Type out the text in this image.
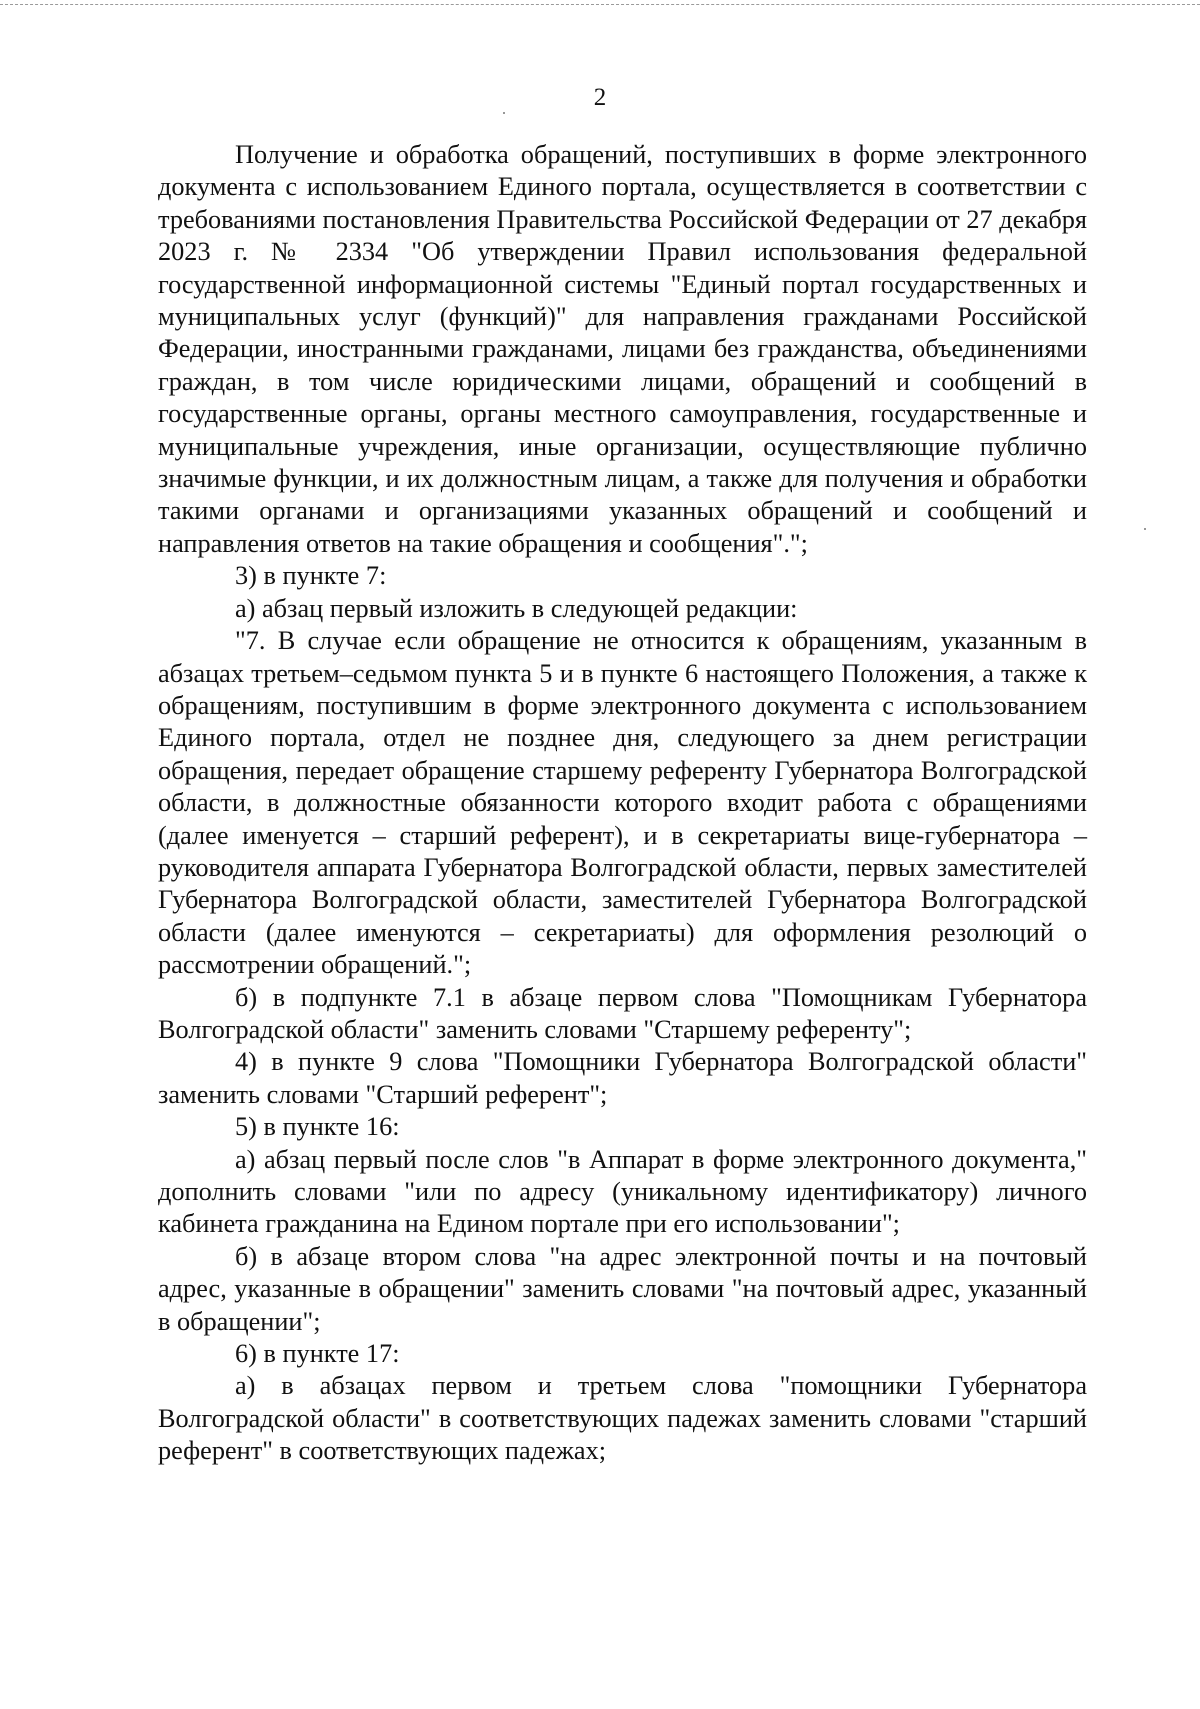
2

Получение и обработка обращений, поступивших в форме электронного документа с использованием Единого портала, осуществляется в соответствии с требованиями постановления Правительства Российской Федерации от 27 декабря 2023 г. № 2334 "Об утверждении Правил использования федеральной государственной информационной системы "Единый портал государственных и муниципальных услуг (функций)" для направления гражданами Российской Федерации, иностранными гражданами, лицами без гражданства, объединениями граждан, в том числе юридическими лицами, обращений и сообщений в государственные органы, органы местного самоуправления, государственные и муниципальные учреждения, иные организации, осуществляющие публично значимые функции, и их должностным лицам, а также для получения и обработки такими органами и организациями указанных обращений и сообщений и направления ответов на такие обращения и сообщения".";

3) в пункте 7:

а) абзац первый изложить в следующей редакции:

"7. В случае если обращение не относится к обращениям, указанным в абзацах третьем–седьмом пункта 5 и в пункте 6 настоящего Положения, а также к обращениям, поступившим в форме электронного документа с использованием Единого портала, отдел не позднее дня, следующего за днем регистрации обращения, передает обращение старшему референту Губернатора Волгоградской области, в должностные обязанности которого входит работа с обращениями (далее именуется – старший референт), и в секретариаты вице-губернатора – руководителя аппарата Губернатора Волгоградской области, первых заместителей Губернатора Волгоградской области, заместителей Губернатора Волгоградской области (далее именуются – секретариаты) для оформления резолюций о рассмотрении обращений.";

б) в подпункте 7.1 в абзаце первом слова "Помощникам Губернатора Волгоградской области" заменить словами "Старшему референту";

4) в пункте 9 слова "Помощники Губернатора Волгоградской области" заменить словами "Старший референт";

5) в пункте 16:

а) абзац первый после слов "в Аппарат в форме электронного документа," дополнить словами "или по адресу (уникальному идентификатору) личного кабинета гражданина на Едином портале при его использовании";

б) в абзаце втором слова "на адрес электронной почты и на почтовый адрес, указанные в обращении" заменить словами "на почтовый адрес, указанный в обращении";

6) в пункте 17:

а) в абзацах первом и третьем слова "помощники Губернатора Волгоградской области" в соответствующих падежах заменить словами "старший референт" в соответствующих падежах;
